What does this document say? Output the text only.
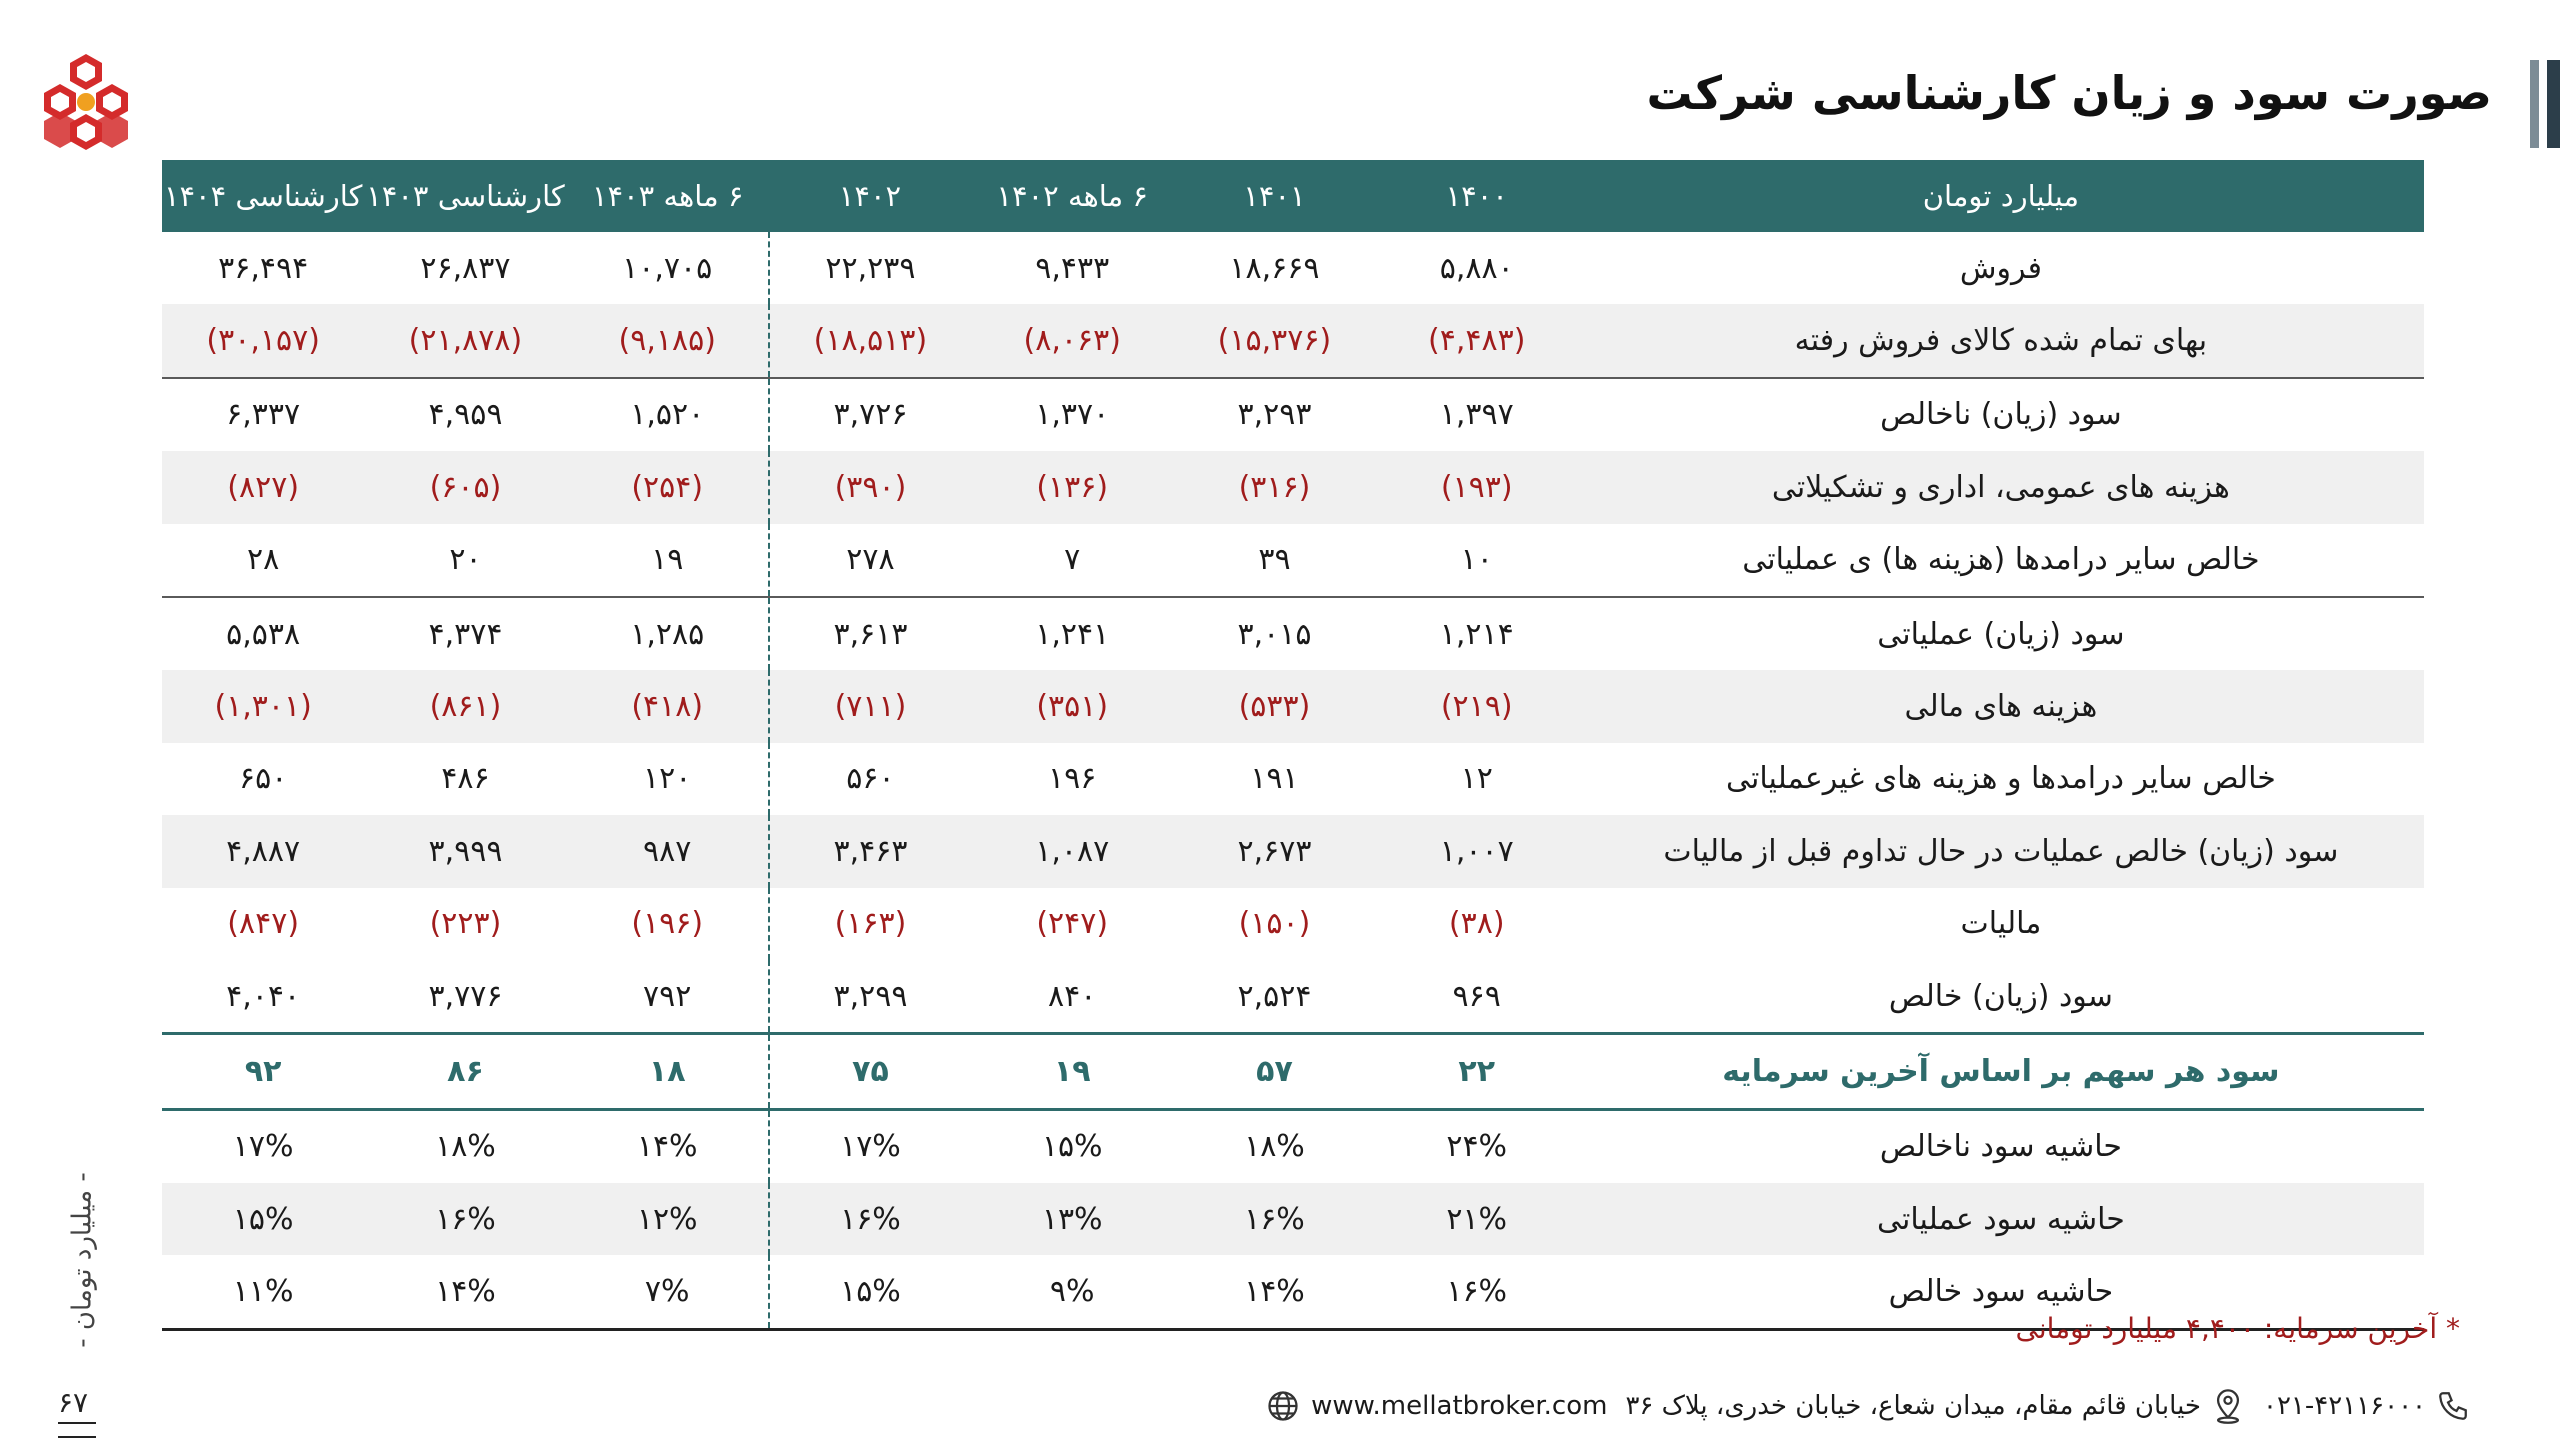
صورت سود و زیان کارشناسی شرکت
میلیارد تومان	۱۴۰۰	۱۴۰۱	۶ ماهه ۱۴۰۲	۱۴۰۲	۶ ماهه ۱۴۰۳	کارشناسی ۱۴۰۳	کارشناسی ۱۴۰۴
فروش	۵,۸۸۰	۱۸,۶۶۹	۹,۴۳۳	۲۲,۲۳۹	۱۰,۷۰۵	۲۶,۸۳۷	۳۶,۴۹۴
بهای تمام شده کالای فروش رفته	(۴,۴۸۳)	(۱۵,۳۷۶)	(۸,۰۶۳)	(۱۸,۵۱۳)	(۹,۱۸۵)	(۲۱,۸۷۸)	(۳۰,۱۵۷)
سود (زیان) ناخالص	۱,۳۹۷	۳,۲۹۳	۱,۳۷۰	۳,۷۲۶	۱,۵۲۰	۴,۹۵۹	۶,۳۳۷
هزینه های عمومی، اداری و تشکیلاتی	(۱۹۳)	(۳۱۶)	(۱۳۶)	(۳۹۰)	(۲۵۴)	(۶۰۵)	(۸۲۷)
خالص سایر درامدها (هزینه ها) ی عملیاتی	۱۰	۳۹	۷	۲۷۸	۱۹	۲۰	۲۸
سود (زیان) عملیاتی	۱,۲۱۴	۳,۰۱۵	۱,۲۴۱	۳,۶۱۳	۱,۲۸۵	۴,۳۷۴	۵,۵۳۸
هزینه های مالی	(۲۱۹)	(۵۳۳)	(۳۵۱)	(۷۱۱)	(۴۱۸)	(۸۶۱)	(۱,۳۰۱)
خالص سایر درامدها و هزینه های غیرعملیاتی	۱۲	۱۹۱	۱۹۶	۵۶۰	۱۲۰	۴۸۶	۶۵۰
سود (زیان) خالص عملیات در حال تداوم قبل از مالیات	۱,۰۰۷	۲,۶۷۳	۱,۰۸۷	۳,۴۶۳	۹۸۷	۳,۹۹۹	۴,۸۸۷
مالیات	(۳۸)	(۱۵۰)	(۲۴۷)	(۱۶۳)	(۱۹۶)	(۲۲۳)	(۸۴۷)
سود (زیان) خالص	۹۶۹	۲,۵۲۴	۸۴۰	۳,۲۹۹	۷۹۲	۳,۷۷۶	۴,۰۴۰
سود هر سهم بر اساس آخرین سرمایه	۲۲	۵۷	۱۹	۷۵	۱۸	۸۶	۹۲
حاشیه سود ناخالص	۲۴%	۱۸%	۱۵%	۱۷%	۱۴%	۱۸%	۱۷%
حاشیه سود عملیاتی	۲۱%	۱۶%	۱۳%	۱۶%	۱۲%	۱۶%	۱۵%
حاشیه سود خالص	۱۶%	۱۴%	۹%	۱۵%	۷%	۱۴%	۱۱%
* آخرین سرمایه: ۴,۴۰۰ میلیارد تومانی
۰۲۱-۴۲۱۱۶۰۰۰
خیابان قائم مقام، میدان شعاع، خیابان خدری، پلاک ۳۶
www.mellatbroker.com
- میلیارد تومان -
۶۷
